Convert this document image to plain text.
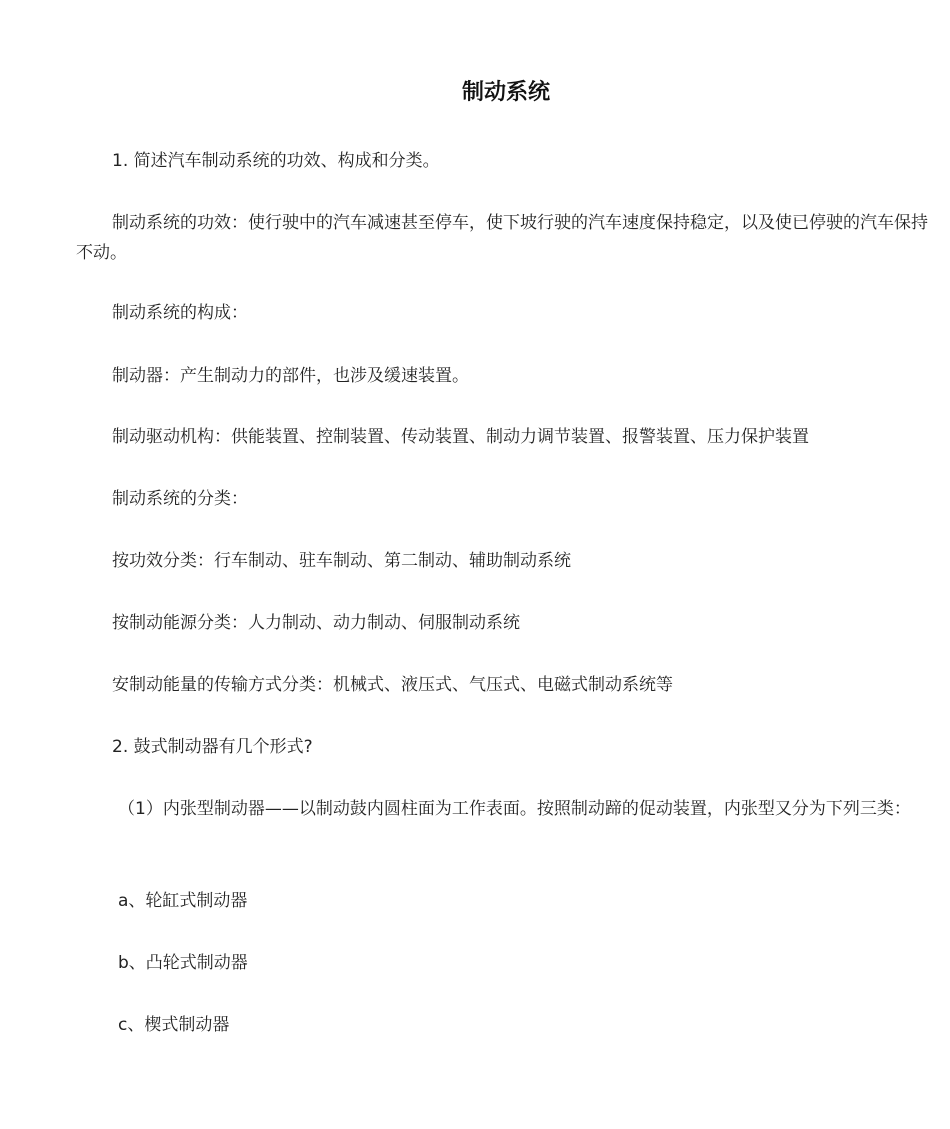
制动系统
1. 简述汽车制动系统的功效、构成和分类。
制动系统的功效：使行驶中的汽车减速甚至停车，使下坡行驶的汽车速度保持稳定，以及使已停驶的汽车保持不动。
制动系统的构成：
制动器：产生制动力的部件，也涉及缓速装置。
制动驱动机构：供能装置、控制装置、传动装置、制动力调节装置、报警装置、压力保护装置
制动系统的分类：
按功效分类：行车制动、驻车制动、第二制动、辅助制动系统
按制动能源分类：人力制动、动力制动、伺服制动系统
安制动能量的传输方式分类：机械式、液压式、气压式、电磁式制动系统等
2. 鼓式制动器有几个形式?
（1）内张型制动器——以制动鼓内圆柱面为工作表面。按照制动蹄的促动装置，内张型又分为下列三类：
a、轮缸式制动器
b、凸轮式制动器
c、楔式制动器
